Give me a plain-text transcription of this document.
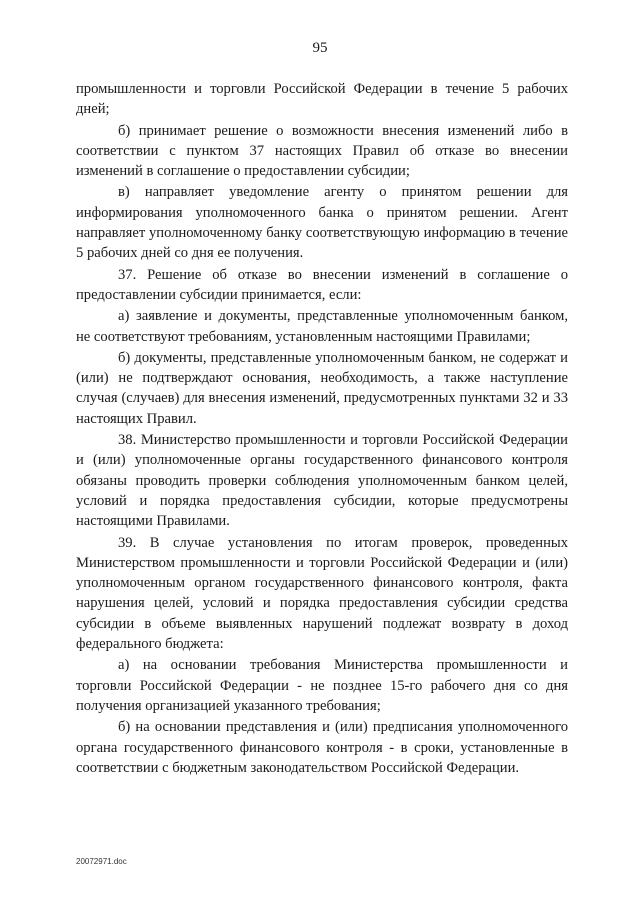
95

промышленности и торговли Российской Федерации в течение 5 рабочих дней;

б) принимает решение о возможности внесения изменений либо в соответствии с пунктом 37 настоящих Правил об отказе во внесении изменений в соглашение о предоставлении субсидии;

в) направляет уведомление агенту о принятом решении для информирования уполномоченного банка о принятом решении. Агент направляет уполномоченному банку соответствующую информацию в течение 5 рабочих дней со дня ее получения.

37. Решение об отказе во внесении изменений в соглашение о предоставлении субсидии принимается, если:

а) заявление и документы, представленные уполномоченным банком, не соответствуют требованиям, установленным настоящими Правилами;

б) документы, представленные уполномоченным банком, не содержат и (или) не подтверждают основания, необходимость, а также наступление случая (случаев) для внесения изменений, предусмотренных пунктами 32 и 33 настоящих Правил.

38. Министерство промышленности и торговли Российской Федерации и (или) уполномоченные органы государственного финансового контроля обязаны проводить проверки соблюдения уполномоченным банком целей, условий и порядка предоставления субсидии, которые предусмотрены настоящими Правилами.

39. В случае установления по итогам проверок, проведенных Министерством промышленности и торговли Российской Федерации и (или) уполномоченным органом государственного финансового контроля, факта нарушения целей, условий и порядка предоставления субсидии средства субсидии в объеме выявленных нарушений подлежат возврату в доход федерального бюджета:

а) на основании требования Министерства промышленности и торговли Российской Федерации - не позднее 15-го рабочего дня со дня получения организацией указанного требования;

б) на основании представления и (или) предписания уполномоченного органа государственного финансового контроля - в сроки, установленные в соответствии с бюджетным законодательством Российской Федерации.

20072971.doc
